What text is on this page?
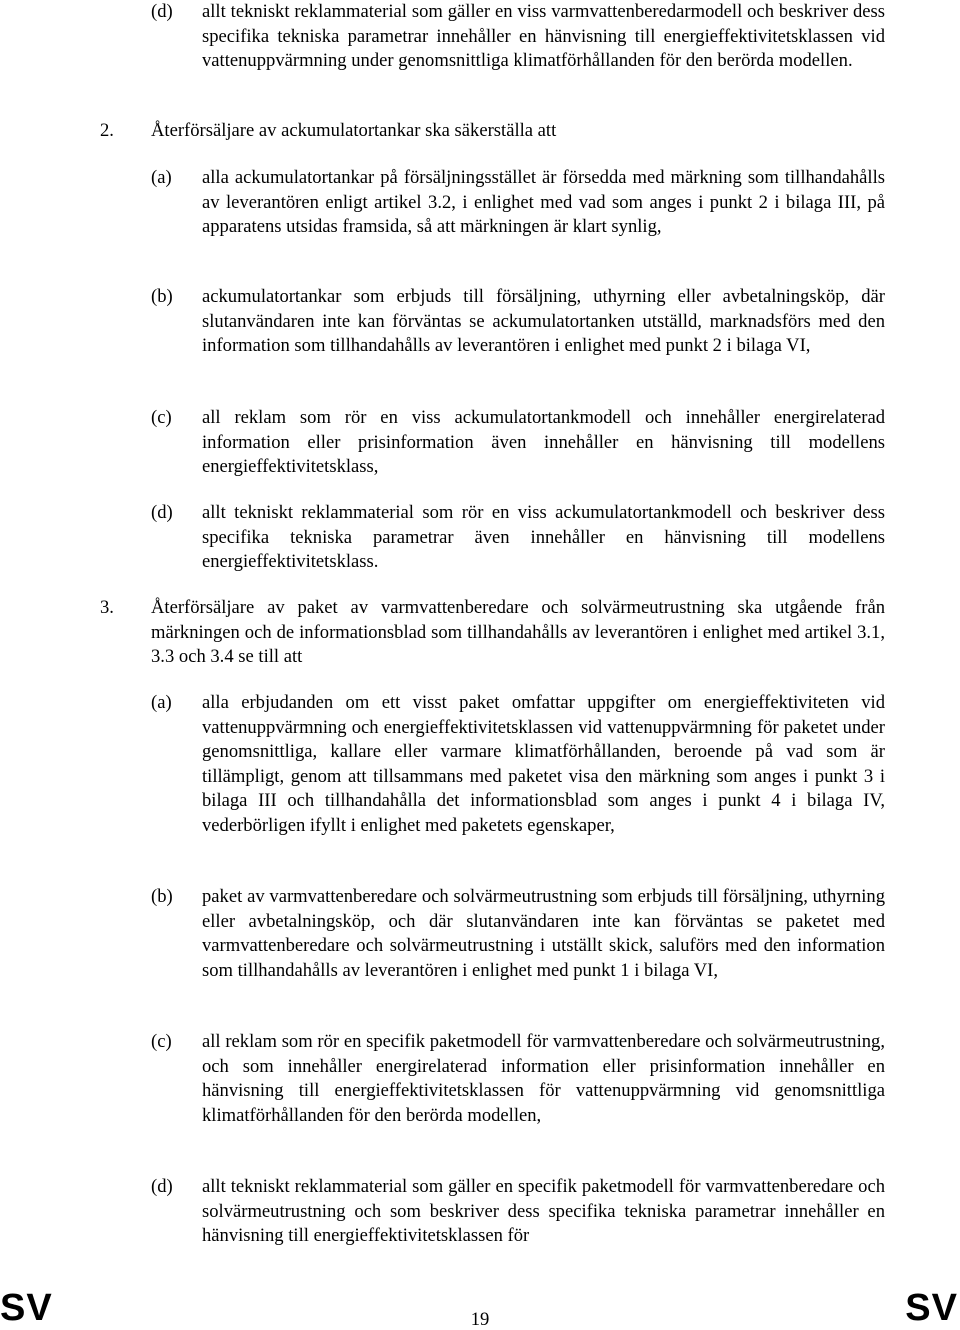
(d) allt tekniskt reklammaterial som gäller en viss varmvattenberedarmodell och beskriver dess specifika tekniska parametrar innehåller en hänvisning till energieffektivitetsklassen vid vattenuppvärmning under genomsnittliga klimatförhållanden för den berörda modellen.
2. Återförsäljare av ackumulatortankar ska säkerställa att
(a) alla ackumulatortankar på försäljningsstället är försedda med märkning som tillhandahålls av leverantören enligt artikel 3.2, i enlighet med vad som anges i punkt 2 i bilaga III, på apparatens utsidas framsida, så att märkningen är klart synlig,
(b) ackumulatortankar som erbjuds till försäljning, uthyrning eller avbetalningsköp, där slutanvändaren inte kan förväntas se ackumulatortanken utställd, marknadsförs med den information som tillhandahålls av leverantören i enlighet med punkt 2 i bilaga VI,
(c) all reklam som rör en viss ackumulatortankmodell och innehåller energirelaterad information eller prisinformation även innehåller en hänvisning till modellens energieffektivitetsklass,
(d) allt tekniskt reklammaterial som rör en viss ackumulatortankmodell och beskriver dess specifika tekniska parametrar även innehåller en hänvisning till modellens energieffektivitetsklass.
3. Återförsäljare av paket av varmvattenberedare och solvärmeutrustning ska utgående från märkningen och de informationsblad som tillhandahålls av leverantören i enlighet med artikel 3.1, 3.3 och 3.4 se till att
(a) alla erbjudanden om ett visst paket omfattar uppgifter om energieffektiviteten vid vattenuppvärmning och energieffektivitetsklassen vid vattenuppvärmning för paketet under genomsnittliga, kallare eller varmare klimatförhållanden, beroende på vad som är tillämpligt, genom att tillsammans med paketet visa den märkning som anges i punkt 3 i bilaga III och tillhandahålla det informationsblad som anges i punkt 4 i bilaga IV, vederbörligen ifyllt i enlighet med paketets egenskaper,
(b) paket av varmvattenberedare och solvärmeutrustning som erbjuds till försäljning, uthyrning eller avbetalningsköp, och där slutanvändaren inte kan förväntas se paketet med varmvattenberedare och solvärmeutrustning i utställt skick, saluförs med den information som tillhandahålls av leverantören i enlighet med punkt 1 i bilaga VI,
(c) all reklam som rör en specifik paketmodell för varmvattenberedare och solvärmeutrustning, och som innehåller energirelaterad information eller prisinformation innehåller en hänvisning till energieffektivitetsklassen för vattenuppvärmning vid genomsnittliga klimatförhållanden för den berörda modellen,
(d) allt tekniskt reklammaterial som gäller en specifik paketmodell för varmvattenberedare och solvärmeutrustning och som beskriver dess specifika tekniska parametrar innehåller en hänvisning till energieffektivitetsklassen för
SV	19	SV
